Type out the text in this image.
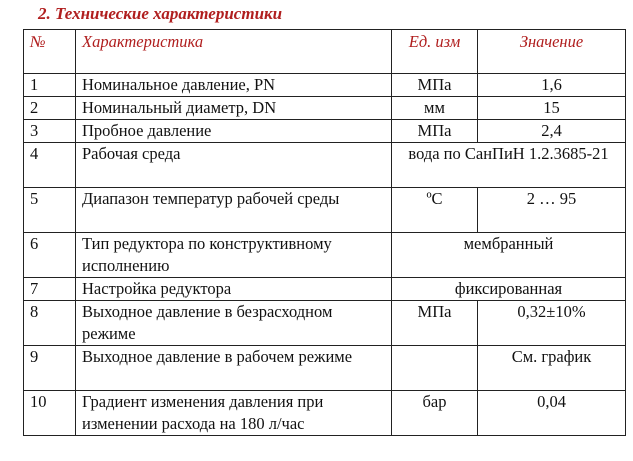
2. Технические характеристики
№	Характеристика	Ед. изм	Значение
1	Номинальное давление, PN	МПа	1,6
2	Номинальный диаметр, DN	мм	15
3	Пробное давление	МПа	2,4
4	Рабочая среда	вода по СанПиН 1.2.3685-21	
5	Диапазон температур рабочей среды	ºС	2 … 95
6	Тип редуктора по конструктивному исполнению	мембранный	
7	Настройка редуктора	фиксированная	
8	Выходное давление в безрасходном режиме	МПа	0,32±10%
9	Выходное давление в рабочем режиме		См. график
10	Градиент изменения давления при изменении расхода на 180 л/час	бар	0,04
